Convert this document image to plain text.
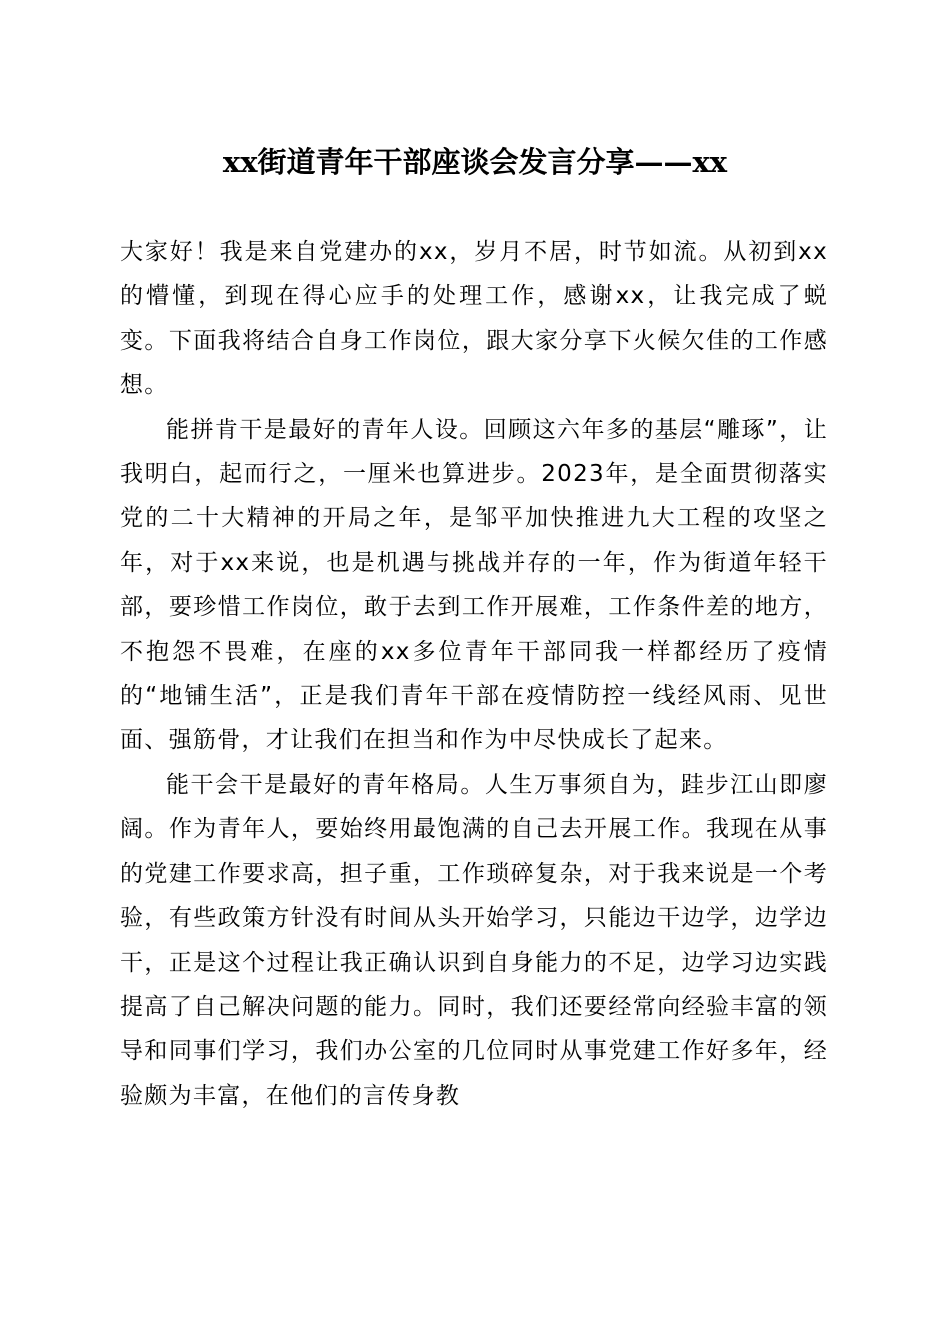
xx街道青年干部座谈会发言分享——xx

大家好！我是来自党建办的xx，岁月不居，时节如流。从初到xx的懵懂，到现在得心应手的处理工作，感谢xx，让我完成了蜕变。下面我将结合自身工作岗位，跟大家分享下火候欠佳的工作感想。

能拼肯干是最好的青年人设。回顾这六年多的基层“雕琢”，让我明白，起而行之，一厘米也算进步。2023年，是全面贯彻落实党的二十大精神的开局之年，是邹平加快推进九大工程的攻坚之年，对于xx来说，也是机遇与挑战并存的一年，作为街道年轻干部，要珍惜工作岗位，敢于去到工作开展难，工作条件差的地方，不抱怨不畏难，在座的xx多位青年干部同我一样都经历了疫情的“地铺生活”，正是我们青年干部在疫情防控一线经风雨、见世面、强筋骨，才让我们在担当和作为中尽快成长了起来。

能干会干是最好的青年格局。人生万事须自为，跬步江山即廖阔。作为青年人，要始终用最饱满的自己去开展工作。我现在从事的党建工作要求高，担子重，工作琐碎复杂，对于我来说是一个考验，有些政策方针没有时间从头开始学习，只能边干边学，边学边干，正是这个过程让我正确认识到自身能力的不足，边学习边实践提高了自己解决问题的能力。同时，我们还要经常向经验丰富的领导和同事们学习，我们办公室的几位同时从事党建工作好多年，经验颇为丰富，在他们的言传身教
